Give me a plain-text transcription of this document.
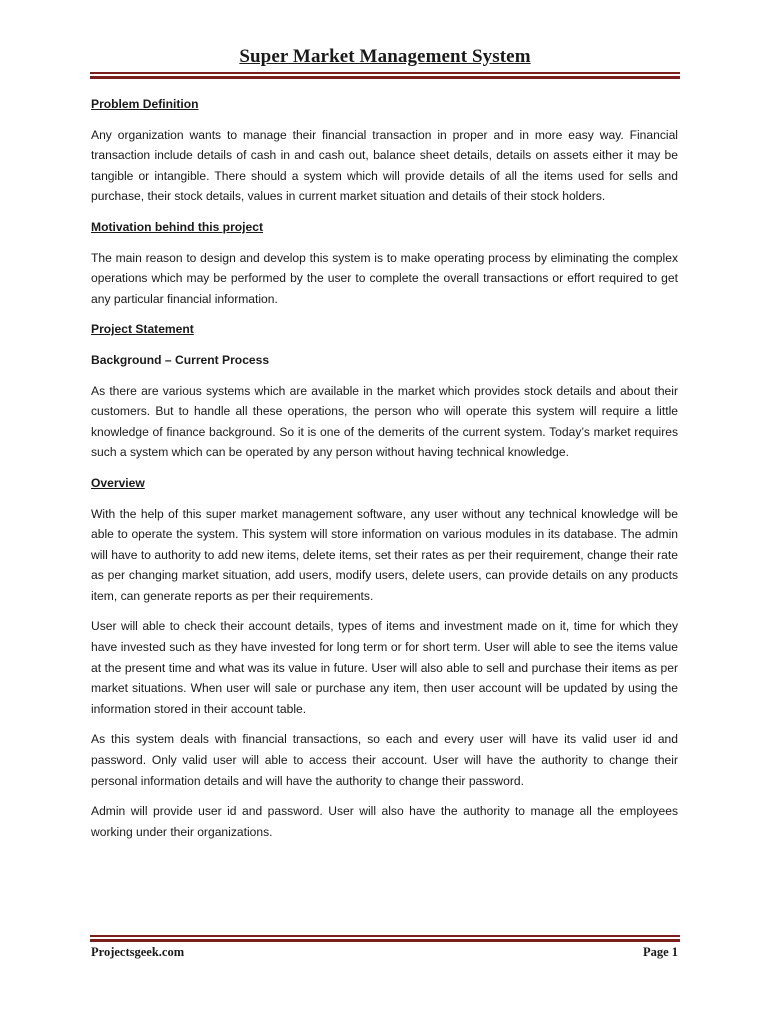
Super Market Management System
Problem Definition
Any organization wants to manage their financial transaction in proper and in more easy way. Financial transaction include details of cash in and cash out, balance sheet details, details on assets either it may be tangible or intangible. There should a system which will provide details of all the items used for sells and purchase, their stock details, values in current market situation and details of their stock holders.
Motivation behind this project
The main reason to design and develop this system is to make operating process by eliminating the complex operations which may be performed by the user to complete the overall transactions or effort required to get any particular financial information.
Project Statement
Background – Current Process
As there are various systems which are available in the market which provides stock details and about their customers. But to handle all these operations, the person who will operate this system will require a little knowledge of finance background. So it is one of the demerits of the current system. Today’s market requires such a system which can be operated by any person without having technical knowledge.
Overview
With the help of this super market management software, any user without any technical knowledge will be able to operate the system. This system will store information on various modules in its database. The admin will have to authority to add new items, delete items, set their rates as per their requirement, change their rate as per changing market situation, add users, modify users, delete users, can provide details on any products item, can generate reports as per their requirements.
User will able to check their account details, types of items and investment made on it, time for which they have invested such as they have invested for long term or for short term. User will able to see the items value at the present time and what was its value in future. User will also able to sell and purchase their items as per market situations. When user will sale or purchase any item, then user account will be updated by using the information stored in their account table.
As this system deals with financial transactions, so each and every user will have its valid user id and password. Only valid user will able to access their account. User will have the authority to change their personal information details and will have the authority to change their password.
Admin will provide user id and password. User will also have the authority to manage all the employees working under their organizations.
Projectsgeek.com	Page 1
